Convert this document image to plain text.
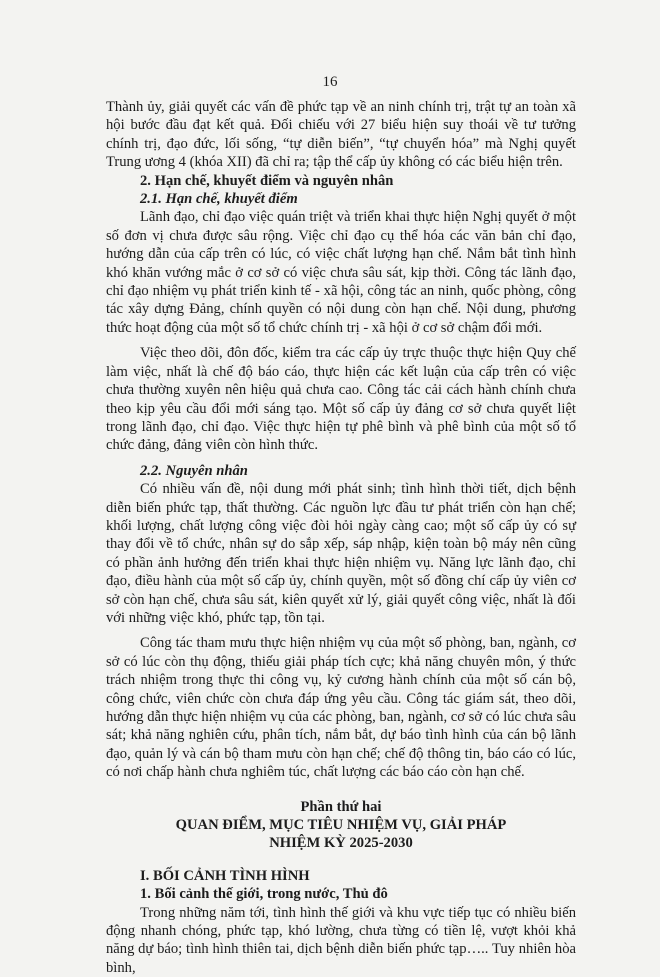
16

Thành ủy, giải quyết các vấn đề phức tạp về an ninh chính trị, trật tự an toàn xã hội bước đầu đạt kết quả. Đối chiếu với 27 biểu hiện suy thoái về tư tưởng chính trị, đạo đức, lối sống, “tự diễn biến”, “tự chuyển hóa” mà Nghị quyết Trung ương 4 (khóa XII) đã chỉ ra; tập thể cấp ủy không có các biểu hiện trên.

2. Hạn chế, khuyết điểm và nguyên nhân

2.1. Hạn chế, khuyết điểm

Lãnh đạo, chỉ đạo việc quán triệt và triển khai thực hiện Nghị quyết ở một số đơn vị chưa được sâu rộng. Việc chỉ đạo cụ thể hóa các văn bản chỉ đạo, hướng dẫn của cấp trên có lúc, có việc chất lượng hạn chế. Nắm bắt tình hình khó khăn vướng mắc ở cơ sở có việc chưa sâu sát, kịp thời. Công tác lãnh đạo, chỉ đạo nhiệm vụ phát triển kinh tế - xã hội, công tác an ninh, quốc phòng, công tác xây dựng Đảng, chính quyền có nội dung còn hạn chế. Nội dung, phương thức hoạt động của một số tổ chức chính trị - xã hội ở cơ sở chậm đổi mới.

Việc theo dõi, đôn đốc, kiểm tra các cấp ủy trực thuộc thực hiện Quy chế làm việc, nhất là chế độ báo cáo, thực hiện các kết luận của cấp trên có việc chưa thường xuyên nên hiệu quả chưa cao. Công tác cải cách hành chính chưa theo kịp yêu cầu đổi mới sáng tạo. Một số cấp ủy đảng cơ sở chưa quyết liệt trong lãnh đạo, chỉ đạo. Việc thực hiện tự phê bình và phê bình của một số tổ chức đảng, đảng viên còn hình thức.

2.2. Nguyên nhân

Có nhiều vấn đề, nội dung mới phát sinh; tình hình thời tiết, dịch bệnh diễn biến phức tạp, thất thường. Các nguồn lực đầu tư phát triển còn hạn chế; khối lượng, chất lượng công việc đòi hỏi ngày càng cao; một số cấp ủy có sự thay đổi về tổ chức, nhân sự do sắp xếp, sáp nhập, kiện toàn bộ máy nên cũng có phần ảnh hưởng đến triển khai thực hiện nhiệm vụ. Năng lực lãnh đạo, chỉ đạo, điều hành của một số cấp ủy, chính quyền, một số đồng chí cấp ủy viên cơ sở còn hạn chế, chưa sâu sát, kiên quyết xử lý, giải quyết công việc, nhất là đối với những việc khó, phức tạp, tồn tại.

Công tác tham mưu thực hiện nhiệm vụ của một số phòng, ban, ngành, cơ sở có lúc còn thụ động, thiếu giải pháp tích cực; khả năng chuyên môn, ý thức trách nhiệm trong thực thi công vụ, kỷ cương hành chính của một số cán bộ, công chức, viên chức còn chưa đáp ứng yêu cầu. Công tác giám sát, theo dõi, hướng dẫn thực hiện nhiệm vụ của các phòng, ban, ngành, cơ sở có lúc chưa sâu sát; khả năng nghiên cứu, phân tích, nắm bắt, dự báo tình hình của cán bộ lãnh đạo, quản lý và cán bộ tham mưu còn hạn chế; chế độ thông tin, báo cáo có lúc, có nơi chấp hành chưa nghiêm túc, chất lượng các báo cáo còn hạn chế.

Phần thứ hai

QUAN ĐIỂM, MỤC TIÊU NHIỆM VỤ, GIẢI PHÁP

NHIỆM KỲ 2025-2030

I. BỐI CẢNH TÌNH HÌNH

1. Bối cảnh thế giới, trong nước, Thủ đô

Trong những năm tới, tình hình thế giới và khu vực tiếp tục có nhiều biến động nhanh chóng, phức tạp, khó lường, chưa từng có tiền lệ, vượt khỏi khả năng dự báo; tình hình thiên tai, dịch bệnh diễn biến phức tạp….. Tuy nhiên hòa bình,
